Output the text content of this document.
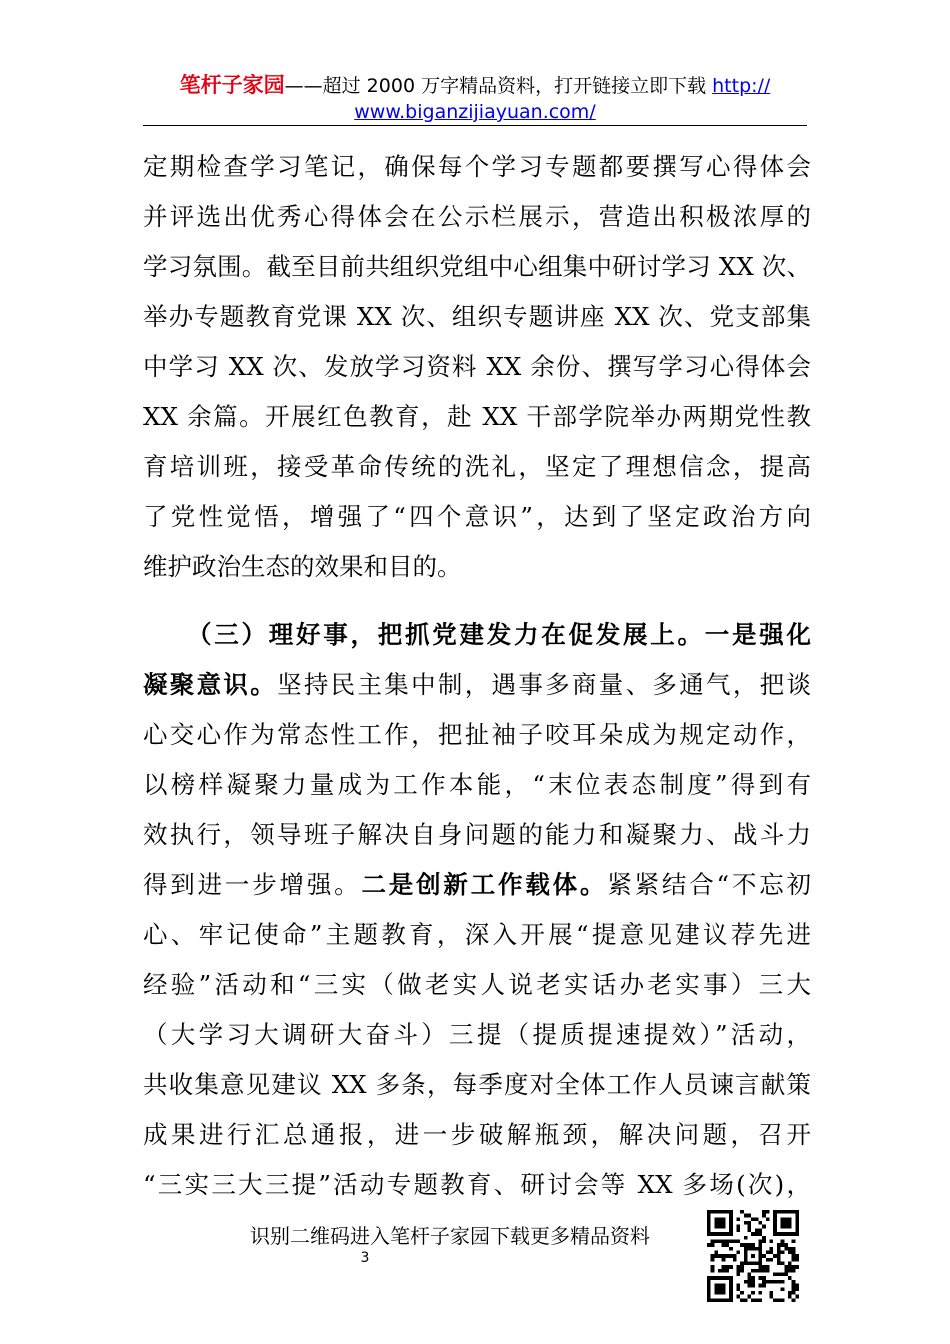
笔杆子家园——超过 2000 万字精品资料，打开链接立即下载 http://
www.biganzijiayuan.com/
定期检查学习笔记，确保每个学习专题都要撰写心得体会
并评选出优秀心得体会在公示栏展示，营造出积极浓厚的
学习氛围。截至目前共组织党组中心组集中研讨学习 XX 次、
举办专题教育党课 XX 次、组织专题讲座 XX 次、党支部集
中学习 XX 次、发放学习资料 XX 余份、撰写学习心得体会
XX 余篇。开展红色教育，赴 XX 干部学院举办两期党性教
育培训班，接受革命传统的洗礼，坚定了理想信念，提高
了党性觉悟，增强了“四个意识”，达到了坚定政治方向
维护政治生态的效果和目的。
（三）理好事，把抓党建发力在促发展上。一是强化
凝聚意识。坚持民主集中制，遇事多商量、多通气，把谈
心交心作为常态性工作，把扯袖子咬耳朵成为规定动作，
以榜样凝聚力量成为工作本能，“末位表态制度”得到有
效执行，领导班子解决自身问题的能力和凝聚力、战斗力
得到进一步增强。二是创新工作载体。紧紧结合“不忘初
心、牢记使命”主题教育，深入开展“提意见建议荐先进
经验”活动和“三实（做老实人说老实话办老实事）三大
（大学习大调研大奋斗）三提（提质提速提效）”活动，
共收集意见建议 XX 多条，每季度对全体工作人员谏言献策
成果进行汇总通报，进一步破解瓶颈，解决问题，召开
“三实三大三提”活动专题教育、研讨会等 XX 多场(次)，
识别二维码进入笔杆子家园下载更多精品资料
3
